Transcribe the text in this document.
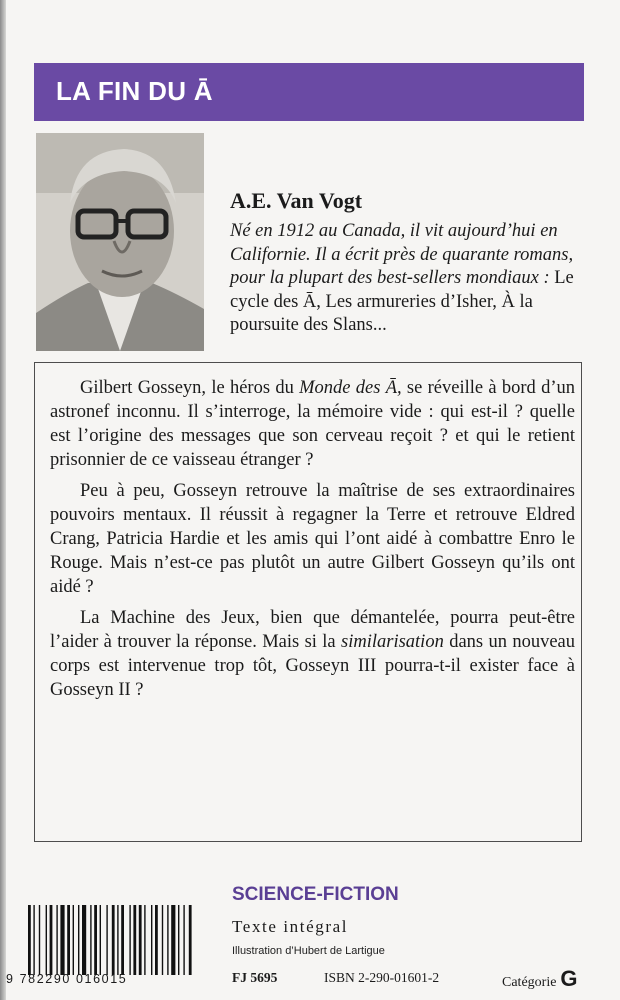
LA FIN DU Ā
A.E. Van Vogt
Né en 1912 au Canada, il vit aujourd’hui en Californie. Il a écrit près de quarante romans, pour la plupart des best-sellers mondiaux : Le cycle des Ā, Les armureries d’Isher, À la poursuite des Slans...

Gilbert Gosseyn, le héros du Monde des Ā, se réveille à bord d’un astronef inconnu. Il s’interroge, la mémoire vide : qui est-il ? quelle est l’origine des messages que son cerveau reçoit ? et qui le retient prisonnier de ce vaisseau étranger ?

Peu à peu, Gosseyn retrouve la maîtrise de ses extraordinaires pouvoirs mentaux. Il réussit à regagner la Terre et retrouve Eldred Crang, Patricia Hardie et les amis qui l’ont aidé à combattre Enro le Rouge. Mais n’est-ce pas plutôt un autre Gilbert Gosseyn qu’ils ont aidé ?

La Machine des Jeux, bien que démantelée, pourra peut-être l’aider à trouver la réponse. Mais si la similarisation dans un nouveau corps est intervenue trop tôt, Gosseyn III pourra-t-il exister face à Gosseyn II ?

SCIENCE-FICTION
Texte intégral
Illustration d’Hubert de Lartigue
9 782290 016015	FJ 5695	ISBN 2-290-01601-2	Catégorie G
